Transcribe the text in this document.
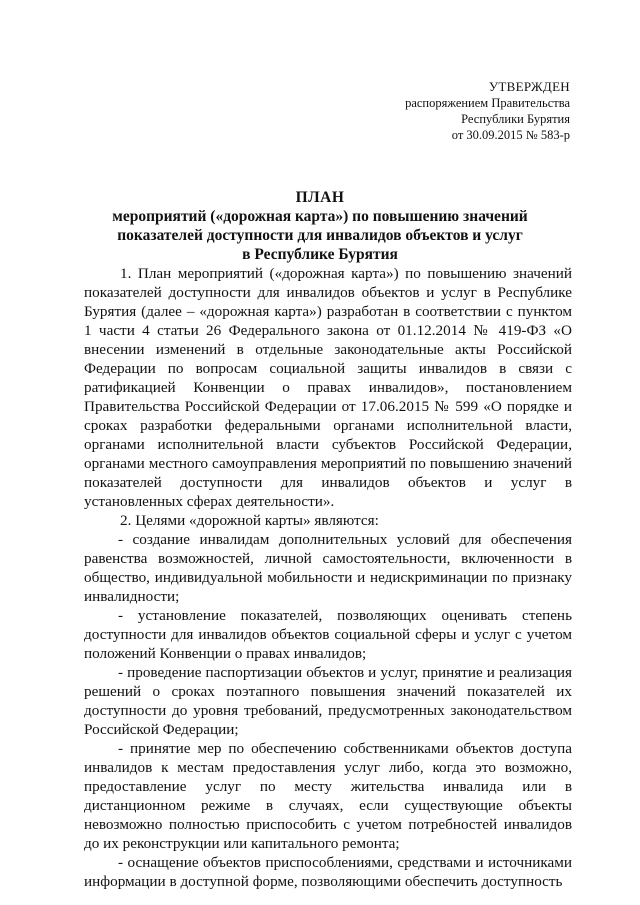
УТВЕРЖДЕН
распоряжением Правительства
Республики Бурятия
от 30.09.2015 № 583-р
ПЛАН
мероприятий («дорожная карта») по повышению значений
показателей доступности для инвалидов объектов и услуг
в Республике Бурятия

1. План мероприятий («дорожная карта») по повышению значений показателей доступности для инвалидов объектов и услуг в Республике Бурятия (далее – «дорожная карта») разработан в соответствии с пунктом 1 части 4 статьи 26 Федерального закона от 01.12.2014 № 419-ФЗ «О внесении изменений в отдельные законодательные акты Российской Федерации по вопросам социальной защиты инвалидов в связи с ратификацией Конвенции о правах инвалидов», постановлением Правительства Российской Федерации от 17.06.2015 № 599 «О порядке и сроках разработки федеральными органами исполнительной власти, органами исполнительной власти субъектов Российской Федерации, органами местного самоуправления мероприятий по повышению значений показателей доступности для инвалидов объектов и услуг в установленных сферах деятельности».

2. Целями «дорожной карты» являются:

- создание инвалидам дополнительных условий для обеспечения равенства возможностей, личной самостоятельности, включенности в общество, индивидуальной мобильности и недискриминации по признаку инвалидности;

- установление показателей, позволяющих оценивать степень доступности для инвалидов объектов социальной сферы и услуг с учетом положений Конвенции о правах инвалидов;

- проведение паспортизации объектов и услуг, принятие и реализация решений о сроках поэтапного повышения значений показателей их доступности до уровня требований, предусмотренных законодательством Российской Федерации;

- принятие мер по обеспечению собственниками объектов доступа инвалидов к местам предоставления услуг либо, когда это возможно, предоставление услуг по месту жительства инвалида или в дистанционном режиме в случаях, если существующие объекты невозможно полностью приспособить с учетом потребностей инвалидов до их реконструкции или капитального ремонта;

- оснащение объектов приспособлениями, средствами и источниками информации в доступной форме, позволяющими обеспечить доступность
